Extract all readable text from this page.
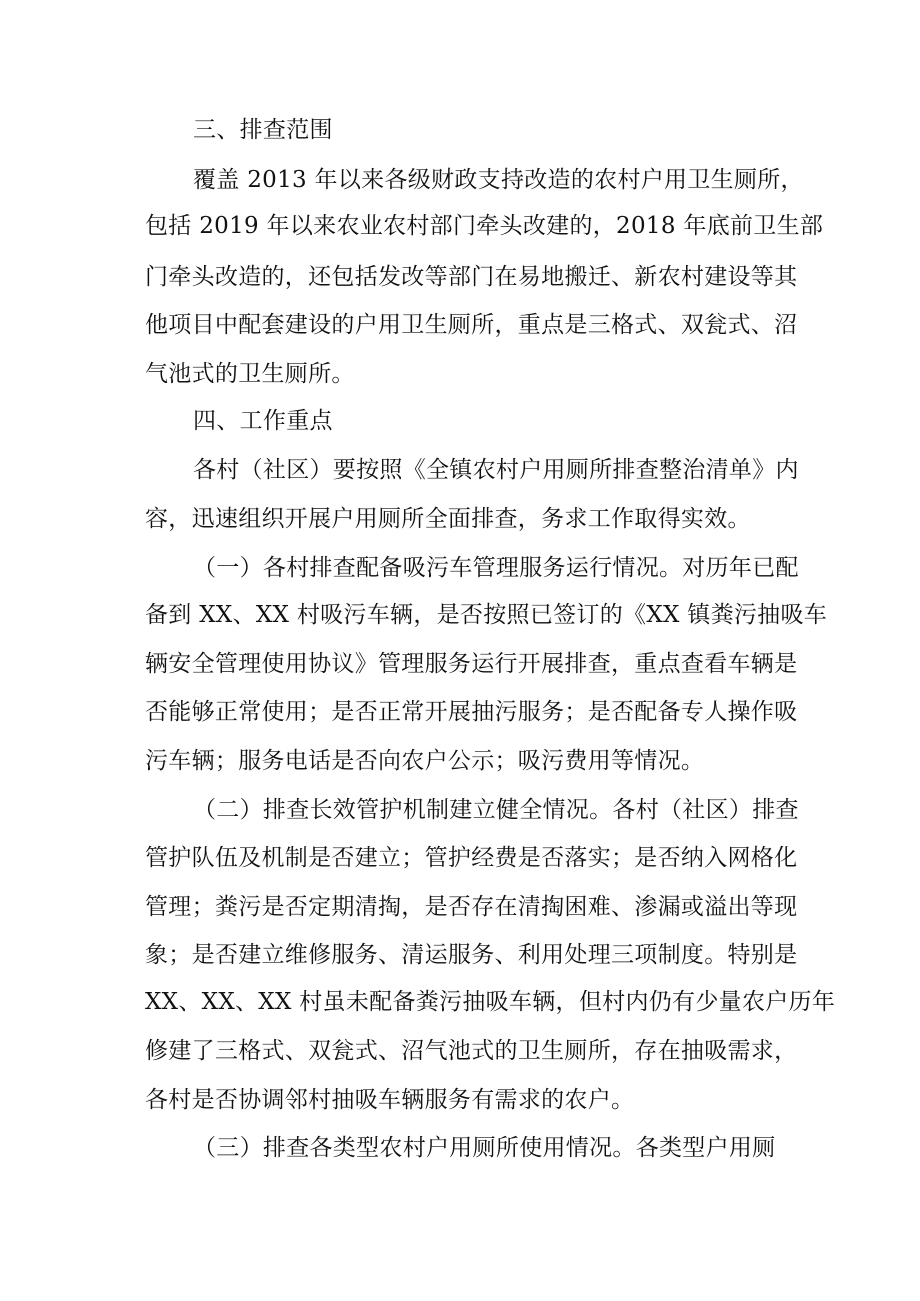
三、排查范围
覆盖 2013 年以来各级财政支持改造的农村户用卫生厕所，
包括 2019 年以来农业农村部门牵头改建的，2018 年底前卫生部
门牵头改造的，还包括发改等部门在易地搬迁、新农村建设等其
他项目中配套建设的户用卫生厕所，重点是三格式、双瓮式、沼
气池式的卫生厕所。
四、工作重点
各村（社区）要按照《全镇农村户用厕所排查整治清单》内
容，迅速组织开展户用厕所全面排查，务求工作取得实效。
（一）各村排查配备吸污车管理服务运行情况。对历年已配
备到 XX、XX 村吸污车辆，是否按照已签订的《XX 镇粪污抽吸车
辆安全管理使用协议》管理服务运行开展排查，重点查看车辆是
否能够正常使用；是否正常开展抽污服务；是否配备专人操作吸
污车辆；服务电话是否向农户公示；吸污费用等情况。
（二）排查长效管护机制建立健全情况。各村（社区）排查
管护队伍及机制是否建立；管护经费是否落实；是否纳入网格化
管理；粪污是否定期清掏，是否存在清掏困难、渗漏或溢出等现
象；是否建立维修服务、清运服务、利用处理三项制度。特别是
XX、XX、XX 村虽未配备粪污抽吸车辆，但村内仍有少量农户历年
修建了三格式、双瓮式、沼气池式的卫生厕所，存在抽吸需求，
各村是否协调邻村抽吸车辆服务有需求的农户。
（三）排查各类型农村户用厕所使用情况。各类型户用厕
